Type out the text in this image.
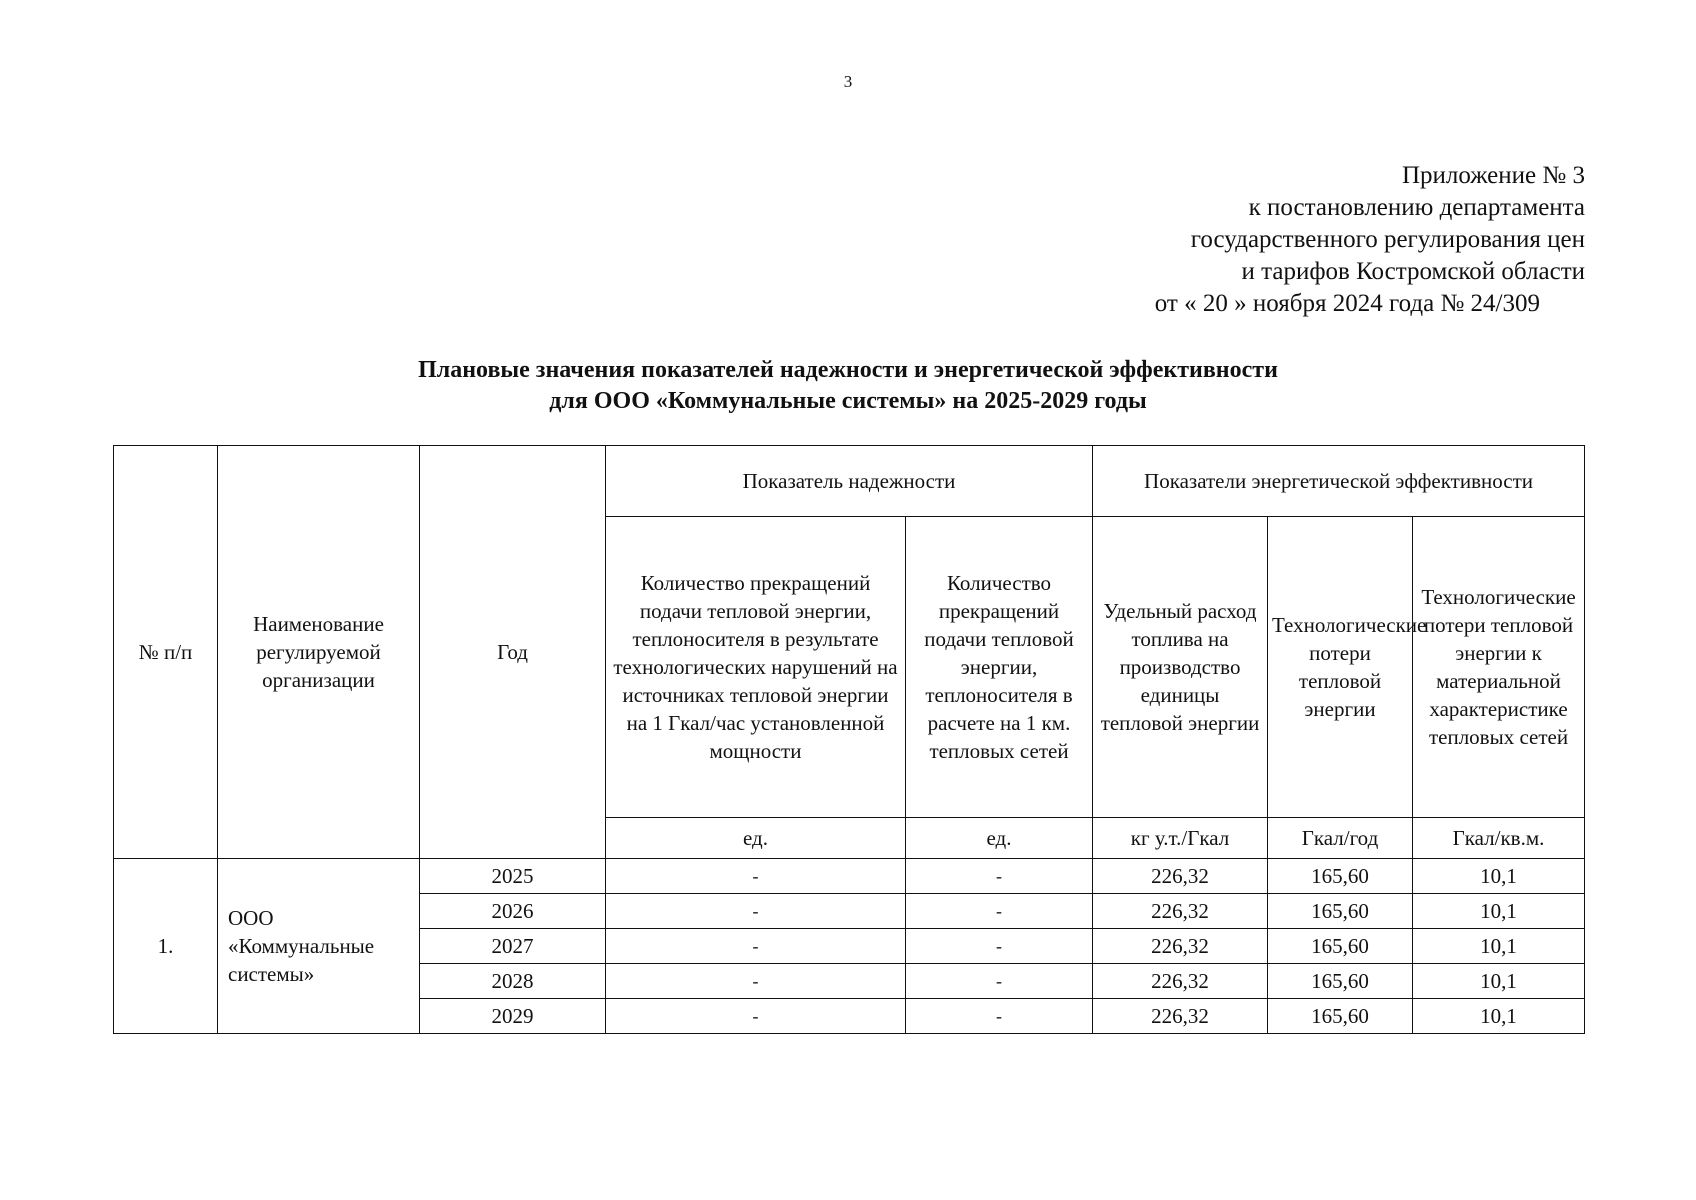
3
Приложение № 3
к постановлению департамента
государственного регулирования цен
и тарифов Костромской области
от « 20 » ноября 2024 года № 24/309
Плановые значения показателей надежности и энергетической эффективности
для ООО «Коммунальные системы» на 2025-2029 годы
№ п/п	Наименование регулируемой организации	Год	Показатель надежности		Показатели энергетической эффективности		
			Количество прекращений подачи тепловой энергии, теплоносителя в результате технологических нарушений на источниках тепловой энергии на 1 Гкал/час установленной мощности	Количество прекращений подачи тепловой энергии, теплоносителя в расчете на 1 км. тепловых сетей	Удельный расход топлива на производство единицы тепловой энергии	Технологические потери тепловой энергии	Технологические потери тепловой энергии к материальной характеристике тепловых сетей
			ед.	ед.	кг у.т./Гкал	Гкал/год	Гкал/кв.м.
1.	ООО «Коммунальные системы»	2025	-	-	226,32	165,60	10,1
		2026	-	-	226,32	165,60	10,1
		2027	-	-	226,32	165,60	10,1
		2028	-	-	226,32	165,60	10,1
		2029	-	-	226,32	165,60	10,1
